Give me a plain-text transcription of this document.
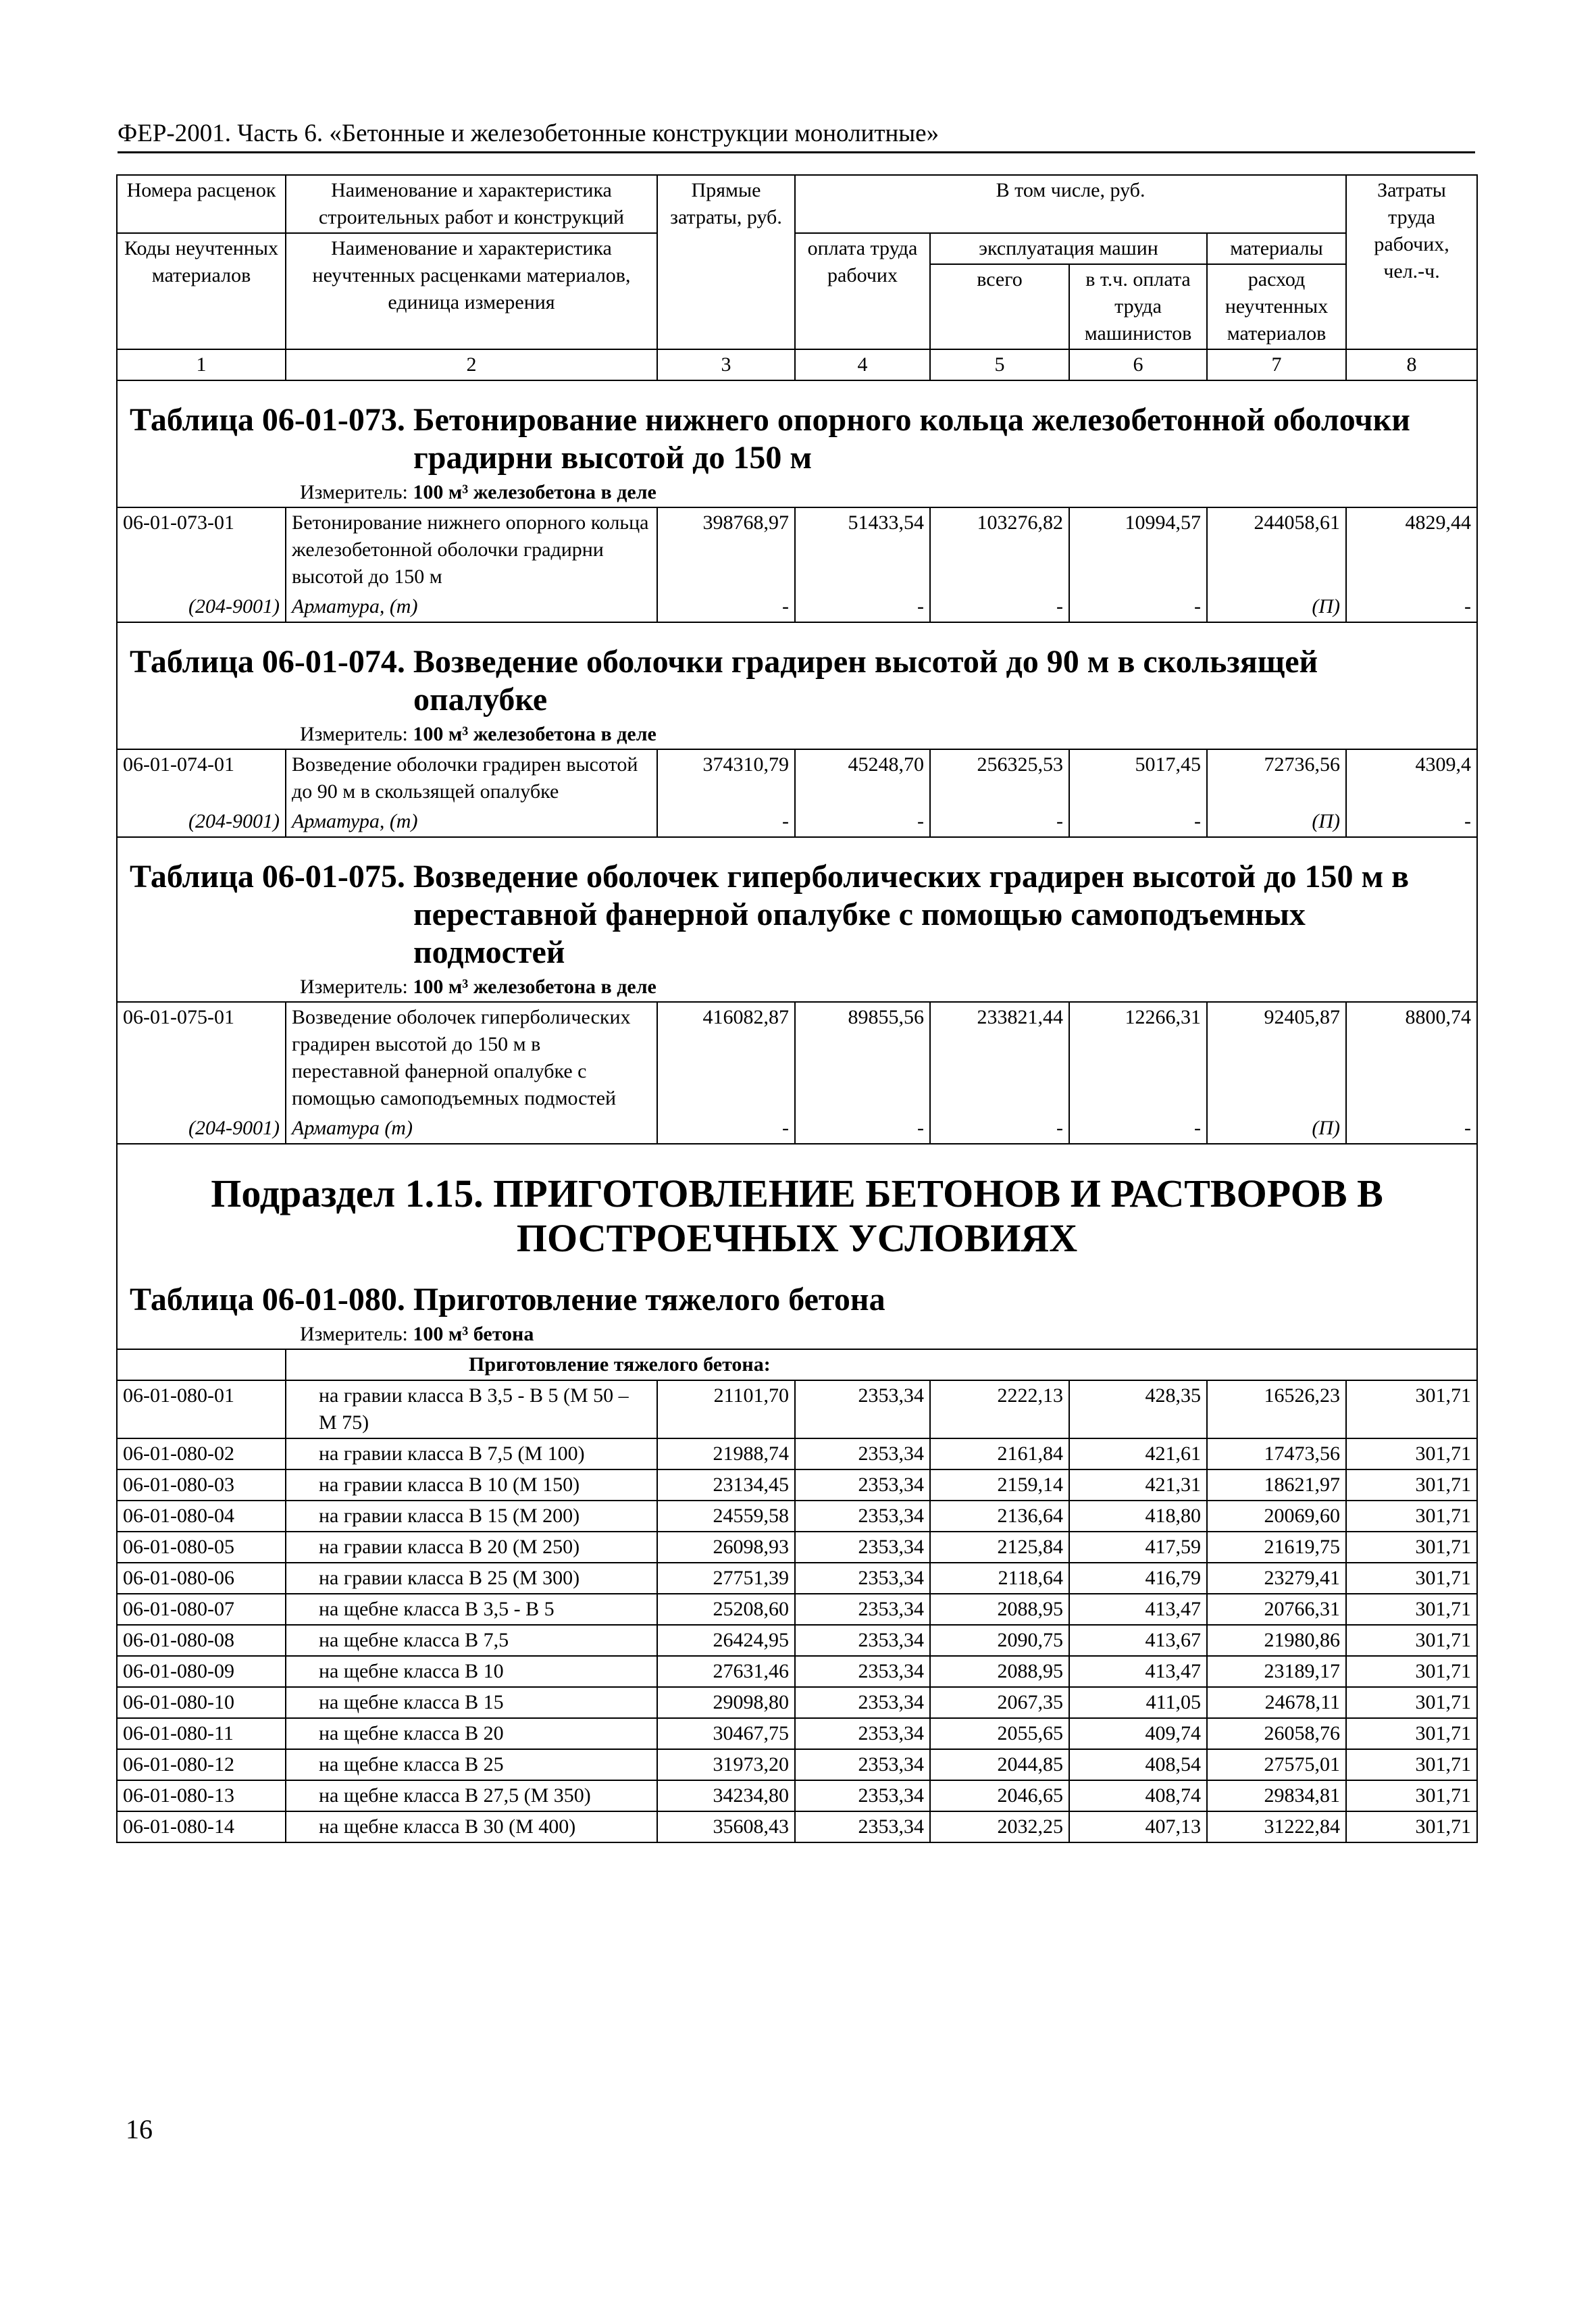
ФЕР-2001. Часть 6. «Бетонные и железобетонные конструкции монолитные»
Номера расценок	Наименование и характеристика строительных работ и конструкций	Прямые затраты, руб.	В том числе, руб.				Затраты труда рабочих, чел.-ч.
Коды неучтенных материалов	Наименование и характеристика неучтенных расценками материалов, единица измерения		оплата труда рабочих	эксплуатация машин		материалы	
				всего	в т.ч. оплата труда машинистов	расход неучтенных материалов	
1	2	3	4	5	6	7	8

Таблица 06-01-073. Бетонирование нижнего опорного кольца железобетонной оболочки
градирни высотой до 150 м
Измеритель: 100 м³ железобетона в деле							

06-01-073-01	Бетонирование нижнего опорного кольца железобетонной оболочки градирни высотой до 150 м	398768,97	51433,54	103276,82	10994,57	244058,61	4829,44
(204-9001)	Арматура, (т)	-	-	-	-	(П)	-

Таблица 06-01-074. Возведение оболочки градирен высотой до 90 м в скользящей
опалубке
Измеритель: 100 м³ железобетона в деле							

06-01-074-01	Возведение оболочки градирен высотой до 90 м в скользящей опалубке	374310,79	45248,70	256325,53	5017,45	72736,56	4309,4
(204-9001)	Арматура, (т)	-	-	-	-	(П)	-

Таблица 06-01-075. Возведение оболочек гиперболических градирен высотой до 150 м в
переставной фанерной опалубке с помощью самоподъемных
подмостей
Измеритель: 100 м³ железобетона в деле							

06-01-075-01	Возведение оболочек гиперболических градирен высотой до 150 м в переставной фанерной опалубке с помощью самоподъемных подмостей	416082,87	89855,56	233821,44	12266,31	92405,87	8800,74
(204-9001)	Арматура (т)	-	-	-	-	(П)	-

Подраздел 1.15. ПРИГОТОВЛЕНИЕ БЕТОНОВ И РАСТВОРОВ В
ПОСТРОЕЧНЫХ УСЛОВИЯХ
Таблица 06-01-080. Приготовление тяжелого бетона
Измеритель: 100 м³ бетона							

	Приготовление тяжелого бетона:						
06-01-080-01	на гравии класса В 3,5 - В 5 (М 50 – М 75)	21101,70	2353,34	2222,13	428,35	16526,23	301,71
06-01-080-02	на гравии класса В 7,5 (М 100)	21988,74	2353,34	2161,84	421,61	17473,56	301,71
06-01-080-03	на гравии класса В 10 (М 150)	23134,45	2353,34	2159,14	421,31	18621,97	301,71
06-01-080-04	на гравии класса В 15 (М 200)	24559,58	2353,34	2136,64	418,80	20069,60	301,71
06-01-080-05	на гравии класса В 20 (М 250)	26098,93	2353,34	2125,84	417,59	21619,75	301,71
06-01-080-06	на гравии класса В 25 (М 300)	27751,39	2353,34	2118,64	416,79	23279,41	301,71
06-01-080-07	на щебне класса В 3,5 - В 5	25208,60	2353,34	2088,95	413,47	20766,31	301,71
06-01-080-08	на щебне класса В 7,5	26424,95	2353,34	2090,75	413,67	21980,86	301,71
06-01-080-09	на щебне класса В 10	27631,46	2353,34	2088,95	413,47	23189,17	301,71
06-01-080-10	на щебне класса В 15	29098,80	2353,34	2067,35	411,05	24678,11	301,71
06-01-080-11	на щебне класса В 20	30467,75	2353,34	2055,65	409,74	26058,76	301,71
06-01-080-12	на щебне класса В 25	31973,20	2353,34	2044,85	408,54	27575,01	301,71
06-01-080-13	на щебне класса В 27,5 (М 350)	34234,80	2353,34	2046,65	408,74	29834,81	301,71
06-01-080-14	на щебне класса В 30 (М 400)	35608,43	2353,34	2032,25	407,13	31222,84	301,71
16
